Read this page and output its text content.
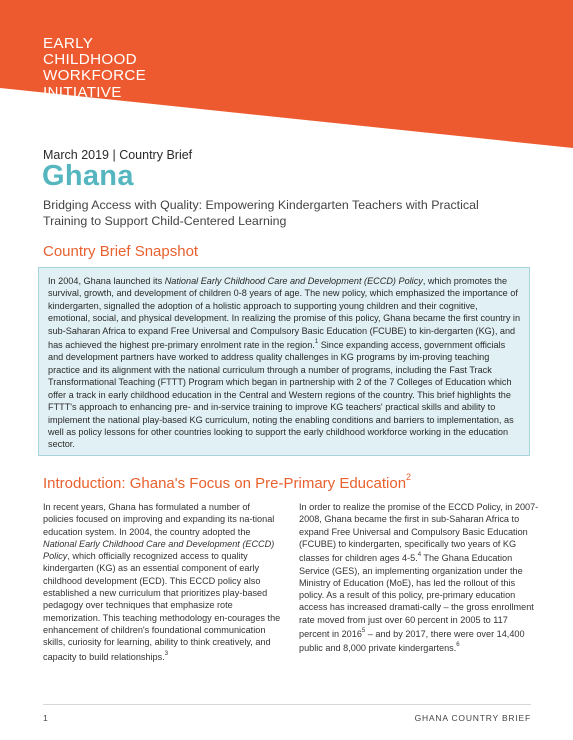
EARLY
CHILDHOOD
WORKFORCE
INITIATIVE
March 2019 | Country Brief
Ghana
Bridging Access with Quality: Empowering Kindergarten Teachers with Practical Training to Support Child-Centered Learning
Country Brief Snapshot

In 2004, Ghana launched its National Early Childhood Care and Development (ECCD) Policy, which promotes the survival, growth, and development of children 0-8 years of age. The new policy, which emphasized the importance of kindergarten, signalled the adoption of a holistic approach to supporting young children and their cognitive, emotional, social, and physical development. In realizing the promise of this policy, Ghana became the first country in sub-Saharan Africa to expand Free Universal and Compulsory Basic Education (FCUBE) to kin-dergarten (KG), and has achieved the highest pre-primary enrolment rate in the region.$^1$ Since expanding access, government officials and development partners have worked to address quality challenges in KG programs by im-proving teaching practice and its alignment with the national curriculum through a number of programs, including the Fast Track Transformational Teaching (FTTT) Program which began in partnership with 2 of the 7 Colleges of Education which offer a track in early childhood education in the Central and Western regions of the country. This brief highlights the FTTT's approach to enhancing pre- and in-service training to improve KG teachers' practical skills and ability to implement the national play-based KG curriculum, noting the enabling conditions and barriers to implementation, as well as policy lessons for other countries looking to support the early childhood workforce working in the education sector.

Introduction: Ghana's Focus on Pre-Primary Education$^2$

In recent years, Ghana has formulated a number of policies focused on improving and expanding its na-tional education system. In 2004, the country adopted the National Early Childhood Care and Development (ECCD) Policy, which officially recognized access to quality kindergarten (KG) as an essential component of early childhood development (ECD). This ECCD policy also established a new curriculum that prioritizes play-based pedagogy over techniques that emphasize rote memorization. This teaching methodology en-courages the enhancement of children's foundational communication skills, curiosity for learning, ability to think creatively, and capacity to build relationships.$^3$

In order to realize the promise of the ECCD Policy, in 2007-2008, Ghana became the first in sub-Saharan Africa to expand Free Universal and Compulsory Basic Education (FCUBE) to kindergarten, specifically two years of KG classes for children ages 4-5.$^4$ The Ghana Education Service (GES), an implementing organization under the Ministry of Education (MoE), has led the rollout of this policy. As a result of this policy, pre-primary education access has increased dramati-cally – the gross enrollment rate moved from just over 60 percent in 2005 to 117 percent in 2016$^5$ – and by 2017, there were over 14,400 public and 8,000 private kindergartens.$^6$

1	GHANA COUNTRY BRIEF
